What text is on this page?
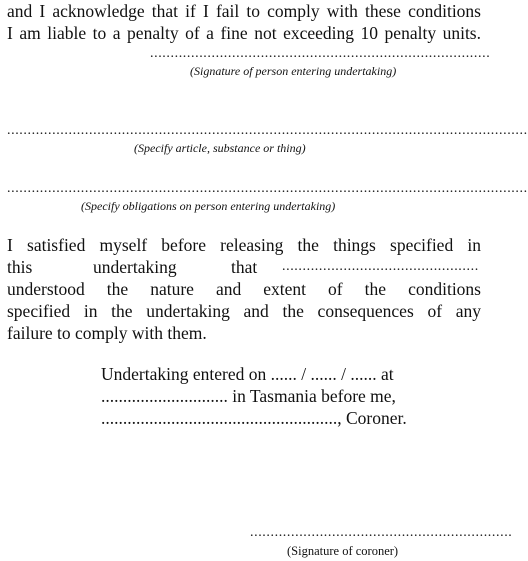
and I acknowledge that if I fail to comply with these conditions
I am liable to a penalty of a fine not exceeding 10 penalty units.
...................................................................................
(Signature of person entering undertaking)
...............................................................................................................................
(Specify article, substance or thing)
...............................................................................................................................
(Specify obligations on person entering undertaking)
I satisfied myself before releasing the things specified in
this	undertaking	that ................................................
understood the nature and extent of the conditions
specified in the undertaking and the consequences of any
failure to comply with them.
Undertaking entered on ...... / ...... / ...... at
............................. in Tasmania before me,
......................................................, Coroner.
................................................................
(Signature of coroner)
